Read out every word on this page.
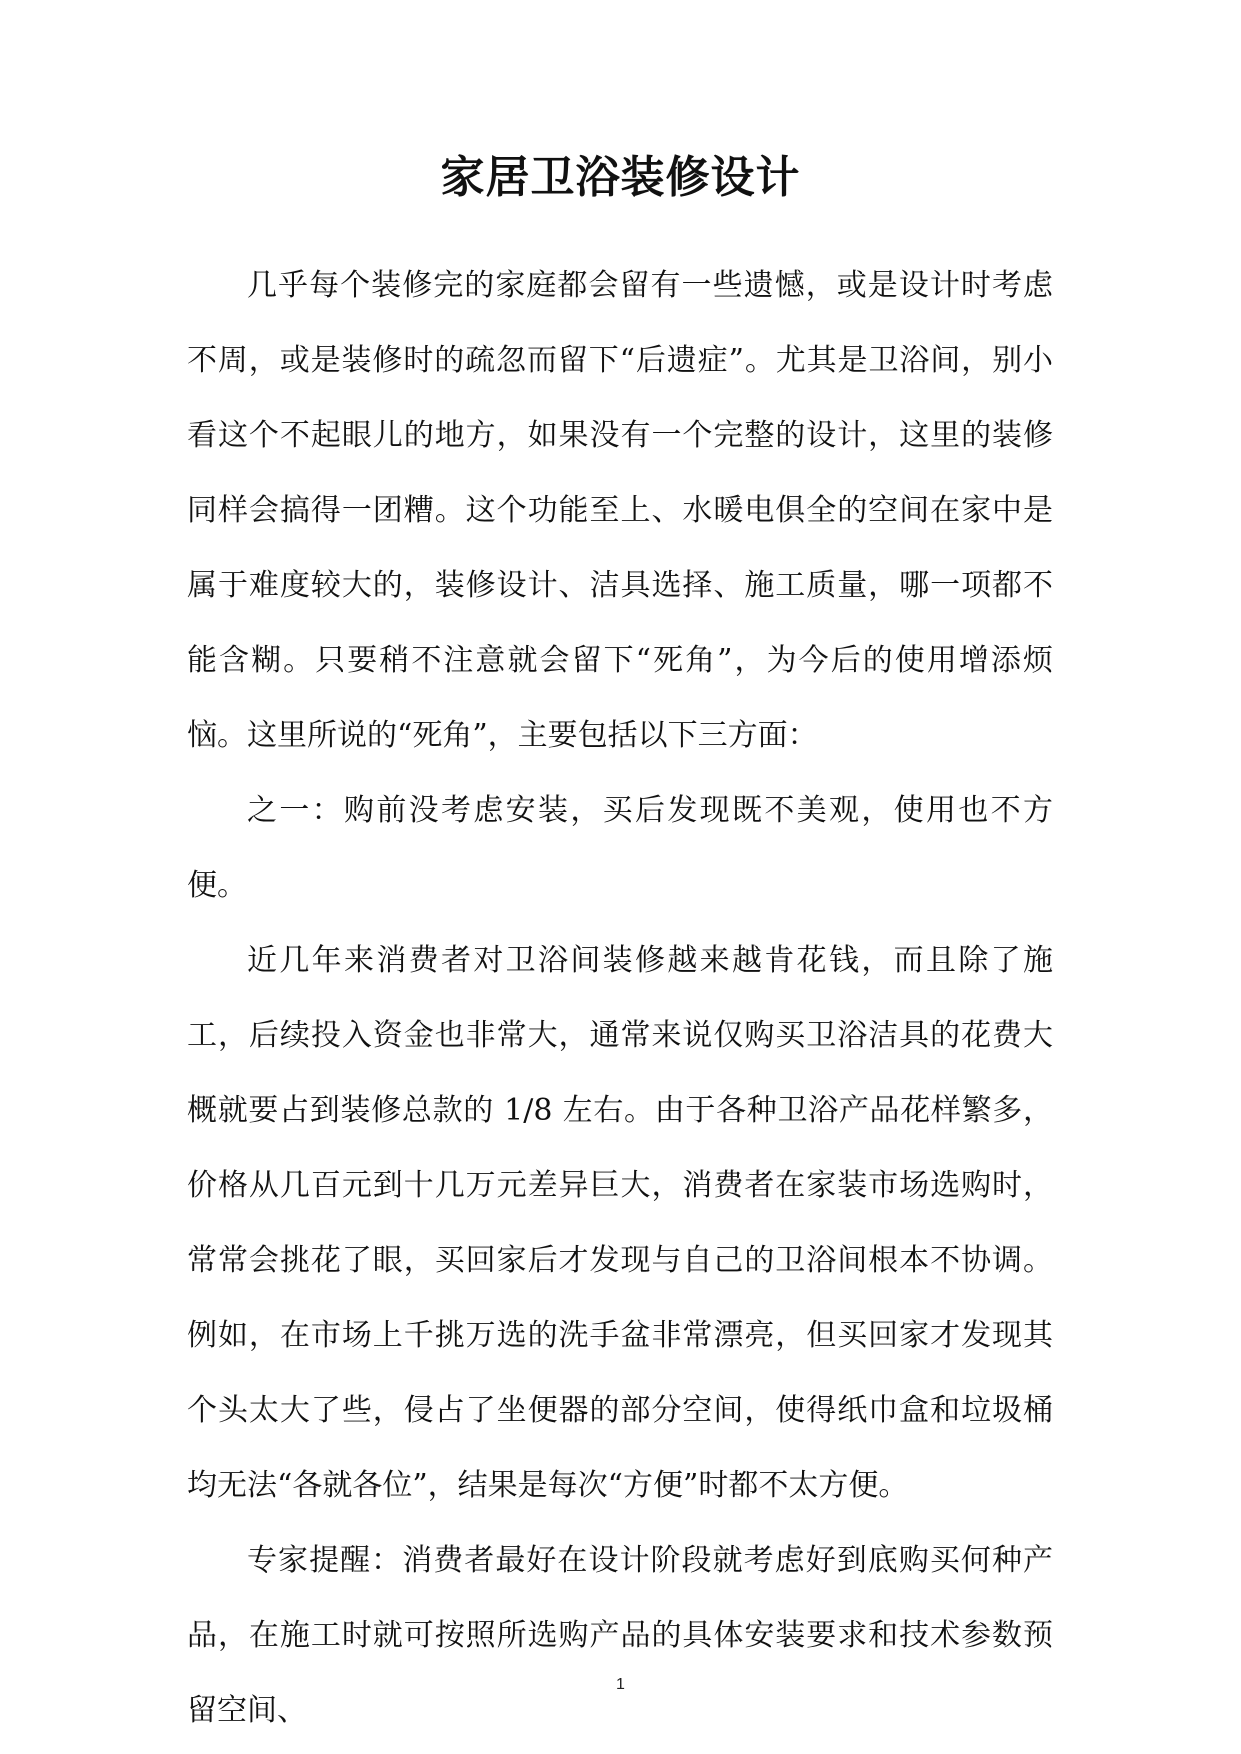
家居卫浴装修设计

几乎每个装修完的家庭都会留有一些遗憾，或是设计时考虑不周，或是装修时的疏忽而留下“后遗症”。尤其是卫浴间，别小看这个不起眼儿的地方，如果没有一个完整的设计，这里的装修同样会搞得一团糟。这个功能至上、水暖电俱全的空间在家中是属于难度较大的，装修设计、洁具选择、施工质量，哪一项都不能含糊。只要稍不注意就会留下“死角”，为今后的使用增添烦恼。这里所说的“死角”，主要包括以下三方面：

之一：购前没考虑安装，买后发现既不美观，使用也不方便。

近几年来消费者对卫浴间装修越来越肯花钱，而且除了施工，后续投入资金也非常大，通常来说仅购买卫浴洁具的花费大概就要占到装修总款的 1/8 左右。由于各种卫浴产品花样繁多，价格从几百元到十几万元差异巨大，消费者在家装市场选购时，常常会挑花了眼，买回家后才发现与自己的卫浴间根本不协调。例如，在市场上千挑万选的洗手盆非常漂亮，但买回家才发现其个头太大了些，侵占了坐便器的部分空间，使得纸巾盒和垃圾桶均无法“各就各位”，结果是每次“方便”时都不太方便。

专家提醒：消费者最好在设计阶段就考虑好到底购买何种产品，在施工时就可按照所选购产品的具体安装要求和技术参数预留空间、

1
